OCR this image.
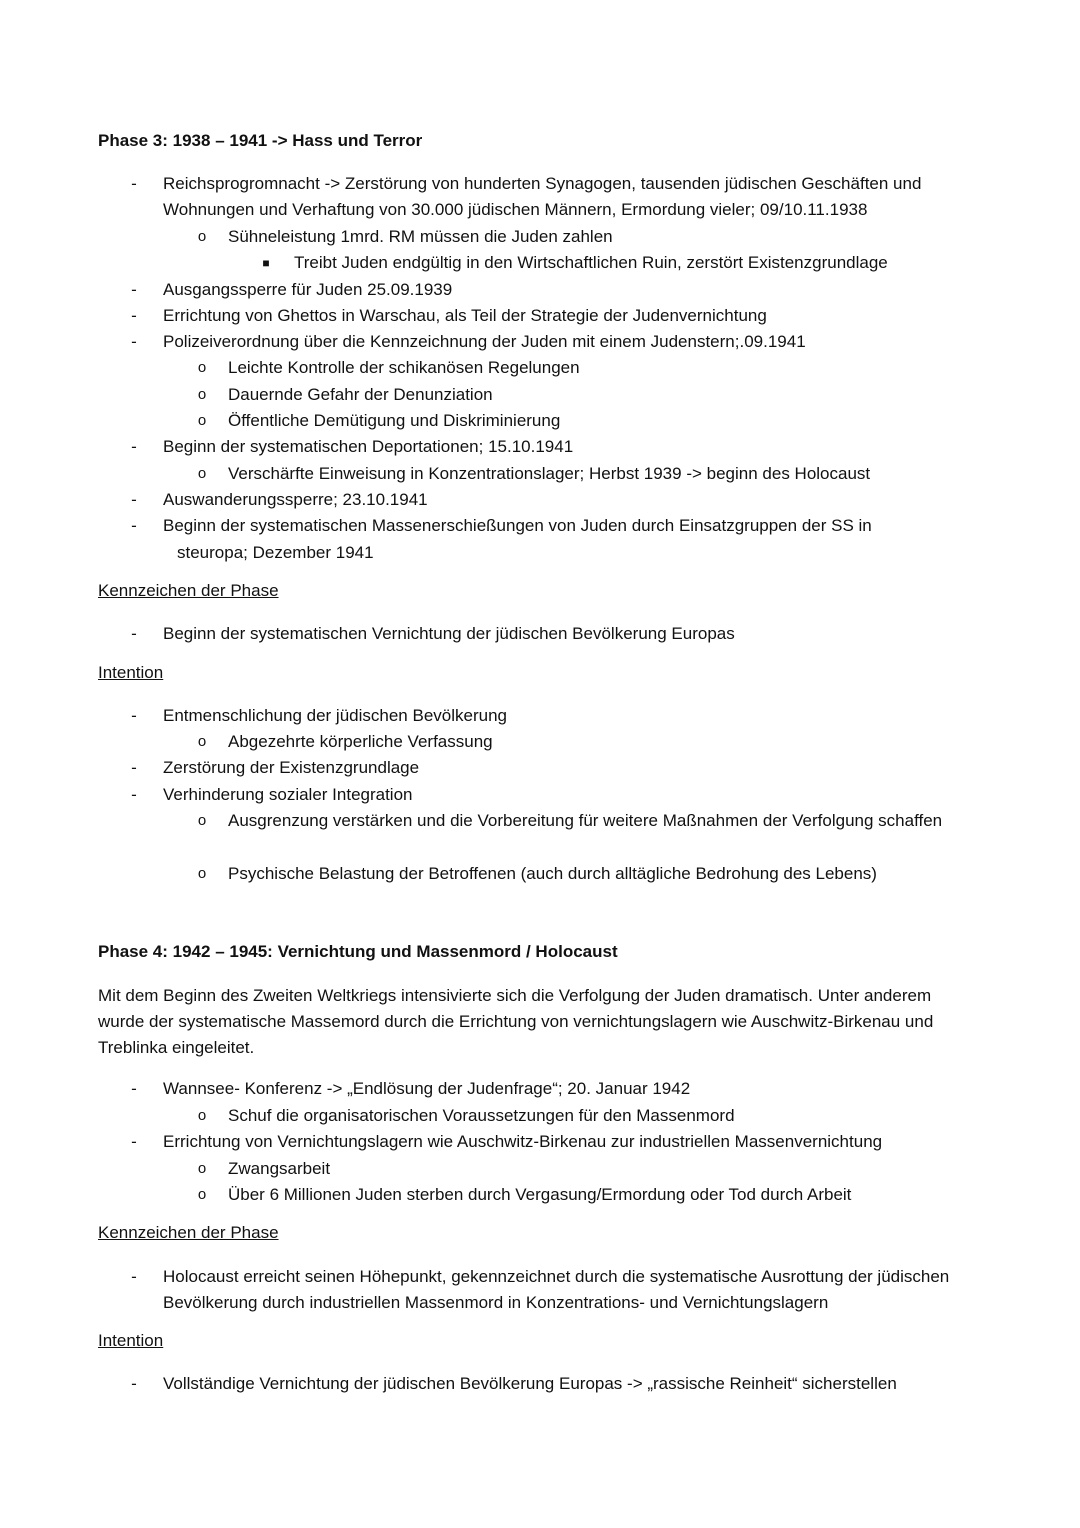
Phase 3: 1938 – 1941 -> Hass und Terror
- Reichsprogromnacht -> Zerstörung von hunderten Synagogen, tausenden jüdischen Geschäften und Wohnungen und Verhaftung von 30.000 jüdischen Männern, Ermordung vieler; 09/10.11.1938
o Sühneleistung 1mrd. RM müssen die Juden zahlen
■ Treibt Juden endgültig in den Wirtschaftlichen Ruin, zerstört Existenzgrundlage
- Ausgangssperre für Juden 25.09.1939
- Errichtung von Ghettos in Warschau, als Teil der Strategie der Judenvernichtung
- Polizeiverordnung über die Kennzeichnung der Juden mit einem Judenstern;.09.1941
o Leichte Kontrolle der schikanösen Regelungen
o Dauernde Gefahr der Denunziation
o Öffentliche Demütigung und Diskriminierung
- Beginn der systematischen Deportationen; 15.10.1941
o Verschärfte Einweisung in Konzentrationslager; Herbst 1939 -> beginn des Holocaust
- Auswanderungssperre; 23.10.1941
- Beginn der systematischen Massenerschießungen von Juden durch Einsatzgruppen der SS in
steuropa; Dezember 1941
Kennzeichen der Phase
- Beginn der systematischen Vernichtung der jüdischen Bevölkerung Europas
Intention
- Entmenschlichung der jüdischen Bevölkerung
o Abgezehrte körperliche Verfassung
- Zerstörung der Existenzgrundlage
- Verhinderung sozialer Integration
o Ausgrenzung verstärken und die Vorbereitung für weitere Maßnahmen der Verfolgung schaffen
o Psychische Belastung der Betroffenen (auch durch alltägliche Bedrohung des Lebens)
Phase 4: 1942 – 1945: Vernichtung und Massenmord / Holocaust
Mit dem Beginn des Zweiten Weltkriegs intensivierte sich die Verfolgung der Juden dramatisch. Unter anderem wurde der systematische Massemord durch die Errichtung von vernichtungslagern wie Auschwitz-Birkenau und Treblinka eingeleitet.
- Wannsee- Konferenz -> „Endlösung der Judenfrage“; 20. Januar 1942
o Schuf die organisatorischen Voraussetzungen für den Massenmord
- Errichtung von Vernichtungslagern wie Auschwitz-Birkenau zur industriellen Massenvernichtung
o Zwangsarbeit
o Über 6 Millionen Juden sterben durch Vergasung/Ermordung oder Tod durch Arbeit
Kennzeichen der Phase
- Holocaust erreicht seinen Höhepunkt, gekennzeichnet durch die systematische Ausrottung der jüdischen Bevölkerung durch industriellen Massenmord in Konzentrations- und Vernichtungslagern
Intention
- Vollständige Vernichtung der jüdischen Bevölkerung Europas -> „rassische Reinheit“ sicherstellen
